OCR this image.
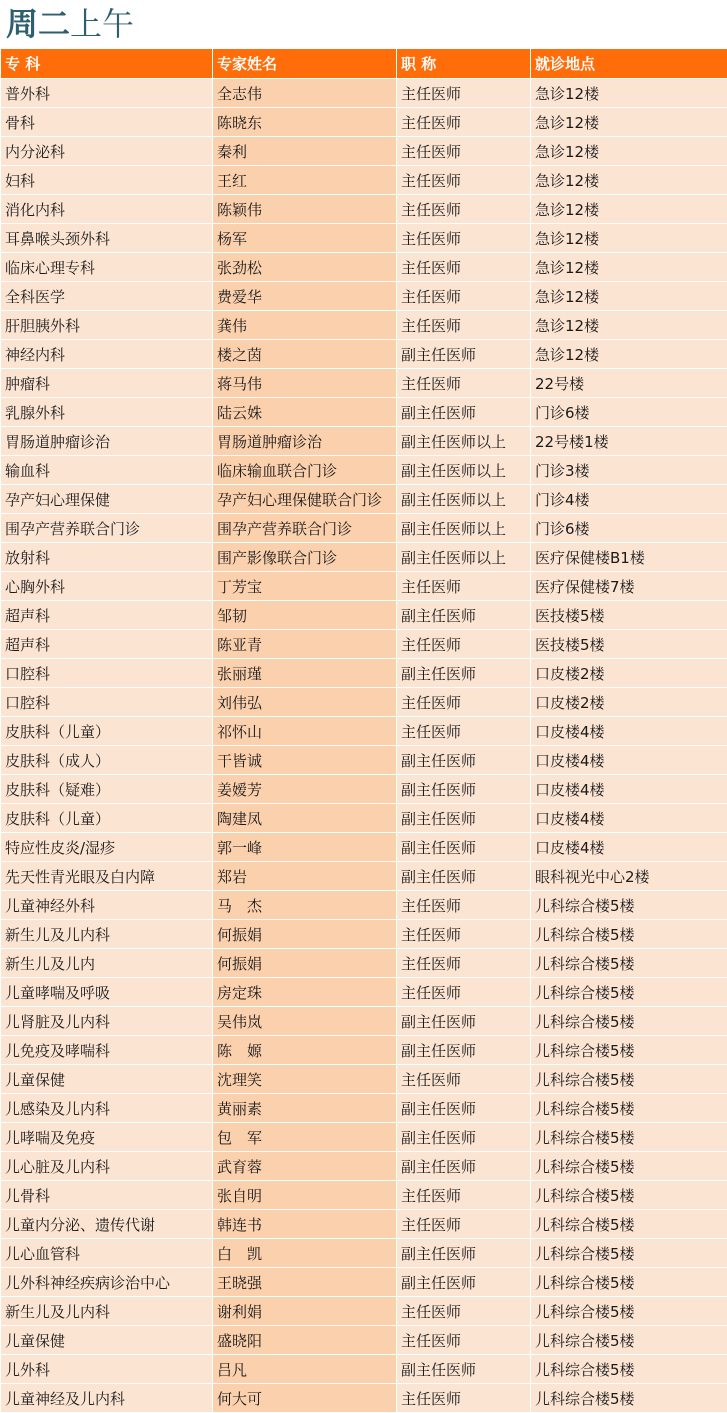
周二上午
专 科	专家姓名	职 称	就诊地点
普外科	全志伟	主任医师	急诊12楼
骨科	陈晓东	主任医师	急诊12楼
内分泌科	秦利	主任医师	急诊12楼
妇科	王红	主任医师	急诊12楼
消化内科	陈颖伟	主任医师	急诊12楼
耳鼻喉头颈外科	杨军	主任医师	急诊12楼
临床心理专科	张劲松	主任医师	急诊12楼
全科医学	费爱华	主任医师	急诊12楼
肝胆胰外科	龚伟	主任医师	急诊12楼
神经内科	楼之茵	副主任医师	急诊12楼
肿瘤科	蒋马伟	主任医师	22号楼
乳腺外科	陆云姝	副主任医师	门诊6楼
胃肠道肿瘤诊治	胃肠道肿瘤诊治	副主任医师以上	22号楼1楼
输血科	临床输血联合门诊	副主任医师以上	门诊3楼
孕产妇心理保健	孕产妇心理保健联合门诊	副主任医师以上	门诊4楼
围孕产营养联合门诊	围孕产营养联合门诊	副主任医师以上	门诊6楼
放射科	围产影像联合门诊	副主任医师以上	医疗保健楼B1楼
心胸外科	丁芳宝	主任医师	医疗保健楼7楼
超声科	邹韧	副主任医师	医技楼5楼
超声科	陈亚青	主任医师	医技楼5楼
口腔科	张丽瑾	副主任医师	口皮楼2楼
口腔科	刘伟弘	主任医师	口皮楼2楼
皮肤科（儿童）	祁怀山	主任医师	口皮楼4楼
皮肤科（成人）	干皆诚	副主任医师	口皮楼4楼
皮肤科（疑难）	姜嫒芳	副主任医师	口皮楼4楼
皮肤科（儿童）	陶建凤	副主任医师	口皮楼4楼
特应性皮炎/湿疹	郭一峰	副主任医师	口皮楼4楼
先天性青光眼及白内障	郑岩	副主任医师	眼科视光中心2楼
儿童神经外科	马　杰	主任医师	儿科综合楼5楼
新生儿及儿内科	何振娟	主任医师	儿科综合楼5楼
新生儿及儿内	何振娟	主任医师	儿科综合楼5楼
儿童哮喘及呼吸	房定珠	主任医师	儿科综合楼5楼
儿肾脏及儿内科	吴伟岚	副主任医师	儿科综合楼5楼
儿免疫及哮喘科	陈　嫄	副主任医师	儿科综合楼5楼
儿童保健	沈理笑	主任医师	儿科综合楼5楼
儿感染及儿内科	黄丽素	副主任医师	儿科综合楼5楼
儿哮喘及免疫	包　军	副主任医师	儿科综合楼5楼
儿心脏及儿内科	武育蓉	副主任医师	儿科综合楼5楼
儿骨科	张自明	主任医师	儿科综合楼5楼
儿童内分泌、遗传代谢	韩连书	主任医师	儿科综合楼5楼
儿心血管科	白　凯	副主任医师	儿科综合楼5楼
儿外科神经疾病诊治中心	王晓强	副主任医师	儿科综合楼5楼
新生儿及儿内科	谢利娟	主任医师	儿科综合楼5楼
儿童保健	盛晓阳	主任医师	儿科综合楼5楼
儿外科	吕凡	副主任医师	儿科综合楼5楼
儿童神经及儿内科	何大可	主任医师	儿科综合楼5楼
